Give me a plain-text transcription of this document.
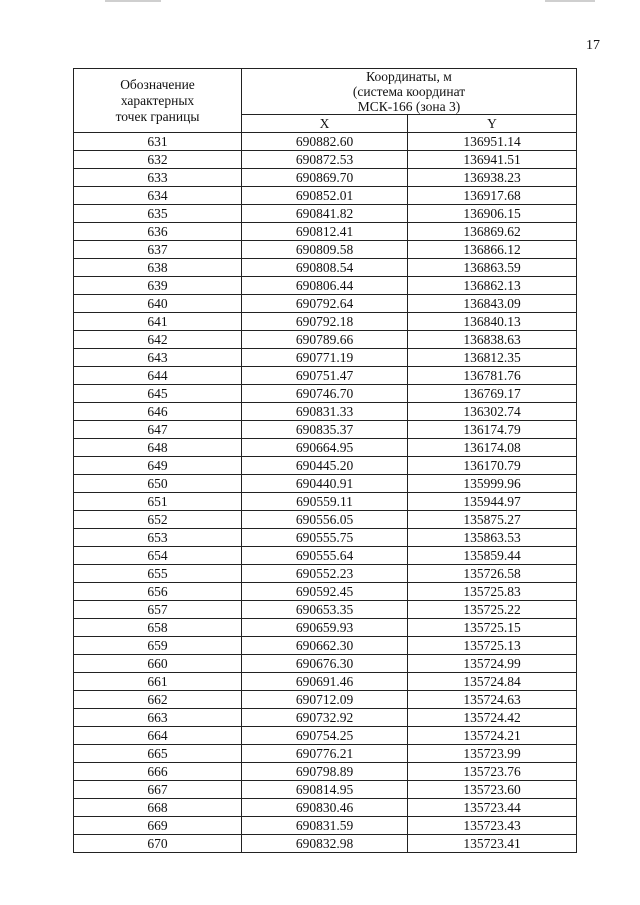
17
Обозначение
характерных
точек границы	Координаты, м
(система координат
МСК-166 (зона 3)	

	X	Y
631	690882.60	136951.14
632	690872.53	136941.51
633	690869.70	136938.23
634	690852.01	136917.68
635	690841.82	136906.15
636	690812.41	136869.62
637	690809.58	136866.12
638	690808.54	136863.59
639	690806.44	136862.13
640	690792.64	136843.09
641	690792.18	136840.13
642	690789.66	136838.63
643	690771.19	136812.35
644	690751.47	136781.76
645	690746.70	136769.17
646	690831.33	136302.74
647	690835.37	136174.79
648	690664.95	136174.08
649	690445.20	136170.79
650	690440.91	135999.96
651	690559.11	135944.97
652	690556.05	135875.27
653	690555.75	135863.53
654	690555.64	135859.44
655	690552.23	135726.58
656	690592.45	135725.83
657	690653.35	135725.22
658	690659.93	135725.15
659	690662.30	135725.13
660	690676.30	135724.99
661	690691.46	135724.84
662	690712.09	135724.63
663	690732.92	135724.42
664	690754.25	135724.21
665	690776.21	135723.99
666	690798.89	135723.76
667	690814.95	135723.60
668	690830.46	135723.44
669	690831.59	135723.43
670	690832.98	135723.41
